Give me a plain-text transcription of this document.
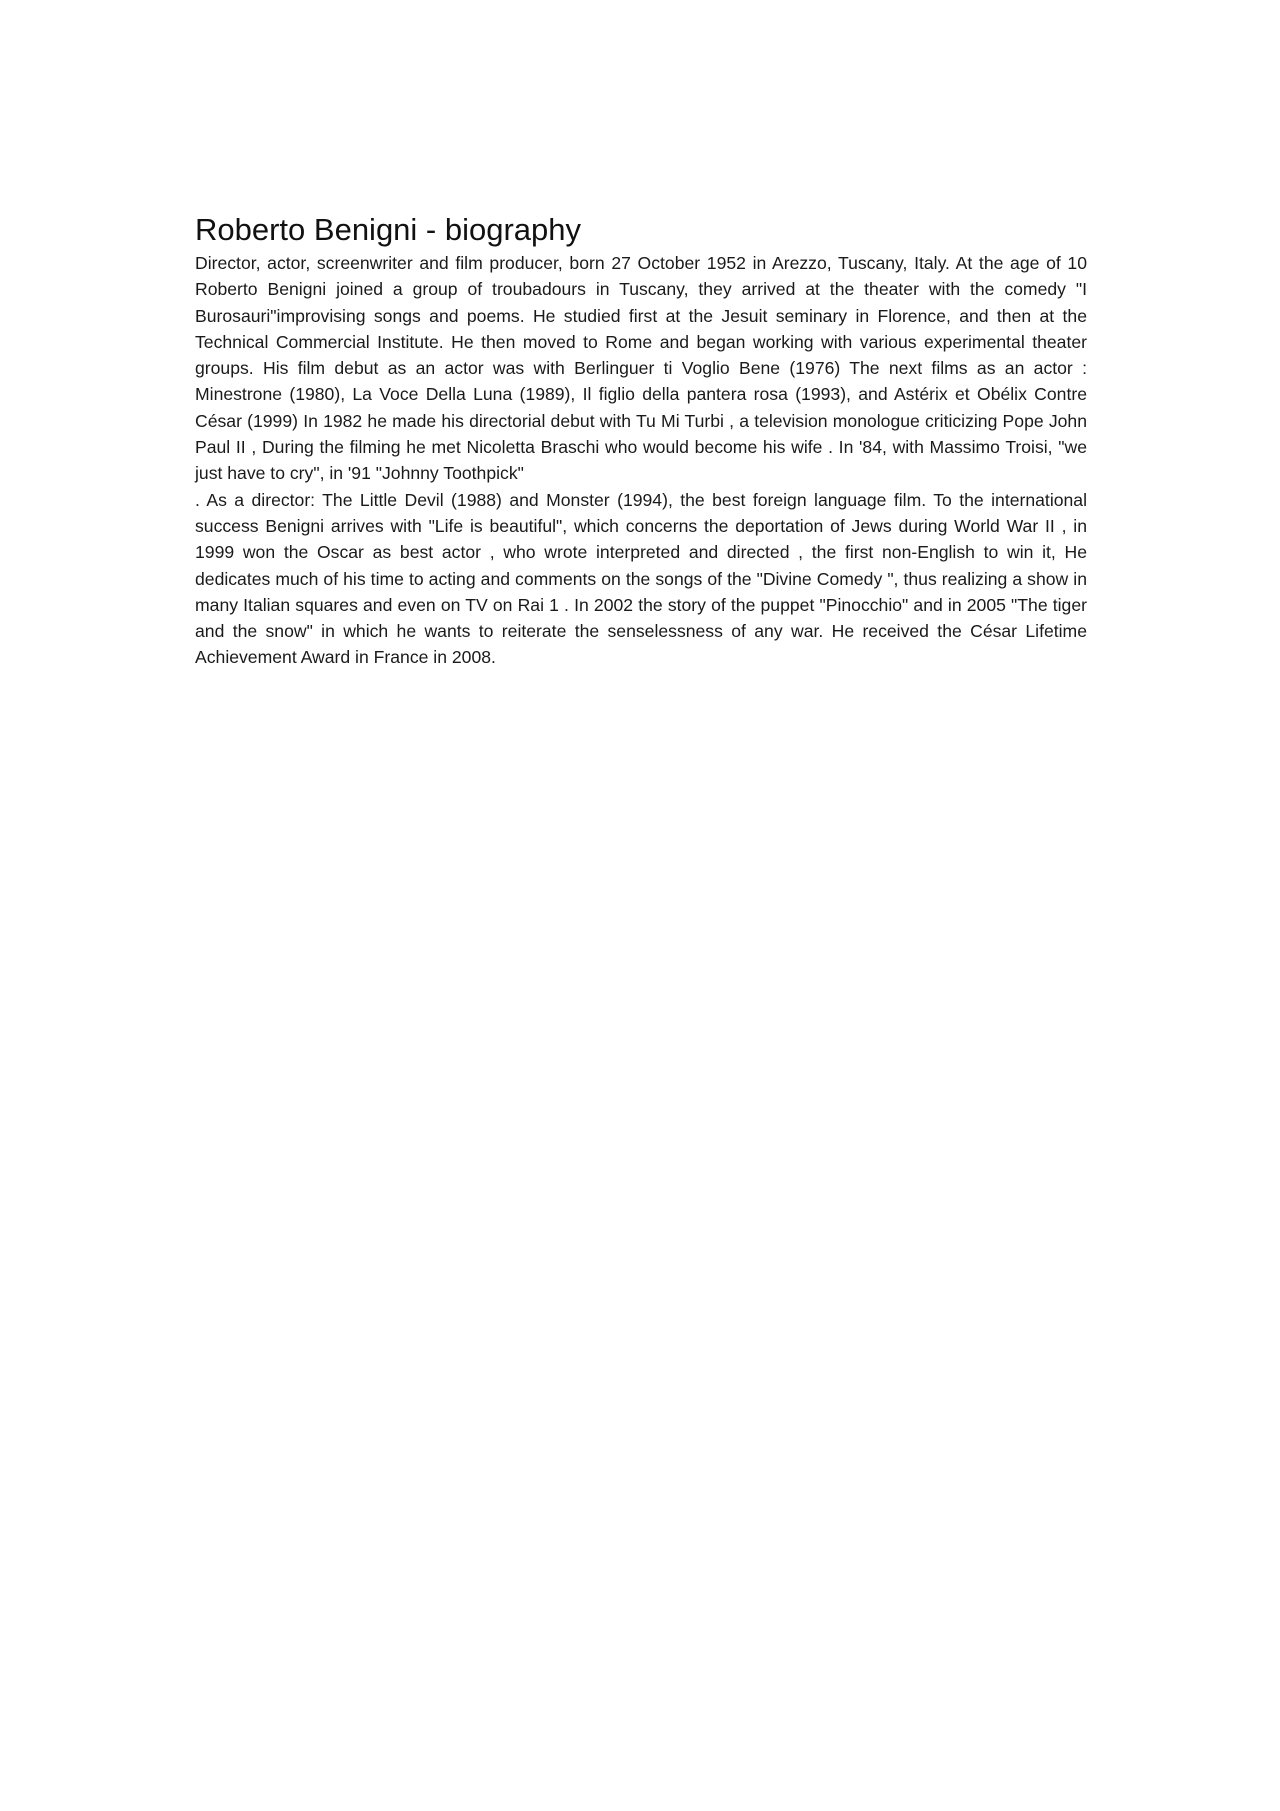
Roberto Benigni - biography

Director, actor, screenwriter and film producer, born 27 October 1952 in Arezzo, Tuscany, Italy. At the age of 10 Roberto Benigni joined a group of troubadours in Tuscany, they arrived at the theater with the comedy "I Burosauri"improvising songs and poems. He studied first at the Jesuit seminary in Florence, and then at the Technical Commercial Institute. He then moved to Rome and began working with various experimental theater groups. His film debut as an actor was with Berlinguer ti Voglio Bene (1976) The next films as an actor : Minestrone (1980), La Voce Della Luna (1989), Il figlio della pantera rosa (1993), and Astérix et Obélix Contre César (1999) In 1982 he made his directorial debut with Tu Mi Turbi , a television monologue criticizing Pope John Paul II , During the filming he met Nicoletta Braschi who would become his wife . In '84, with Massimo Troisi, "we just have to cry", in '91 "Johnny Toothpick"

. As a director: The Little Devil (1988) and Monster (1994), the best foreign language film. To the international success Benigni arrives with "Life is beautiful", which concerns the deportation of Jews during World War II , in 1999 won the Oscar as best actor , who wrote interpreted and directed , the first non-English to win it, He dedicates much of his time to acting and comments on the songs of the "Divine Comedy ", thus realizing a show in many Italian squares and even on TV on Rai 1 . In 2002 the story of the puppet "Pinocchio" and in 2005 "The tiger and the snow" in which he wants to reiterate the senselessness of any war. He received the César Lifetime Achievement Award in France in 2008.
